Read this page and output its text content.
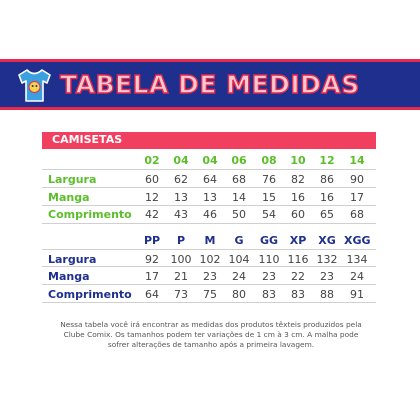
TABELA DE MEDIDAS
CAMISETAS
02	04	04	06	08	10	12	14
Largura	60	62	64	68	76	82	86	90
Manga	12	13	13	14	15	16	16	17
Comprimento	42	43	46	50	54	60	65	68
PP	P	M	G	GG	XP	XG XGG
Largura	92	100 102 104 110 116 132 134
Manga	17	21	23	24	23	22	23	24
Comprimento	64	73	75	80	83	83	88	91
Nessa tabela você irá encontrar as medidas dos produtos têxteis produzidos pela Clube Comix. Os tamanhos podem ter variações de 1 cm à 3 cm. A malha pode sofrer alterações de tamanho após a primeira lavagem.
